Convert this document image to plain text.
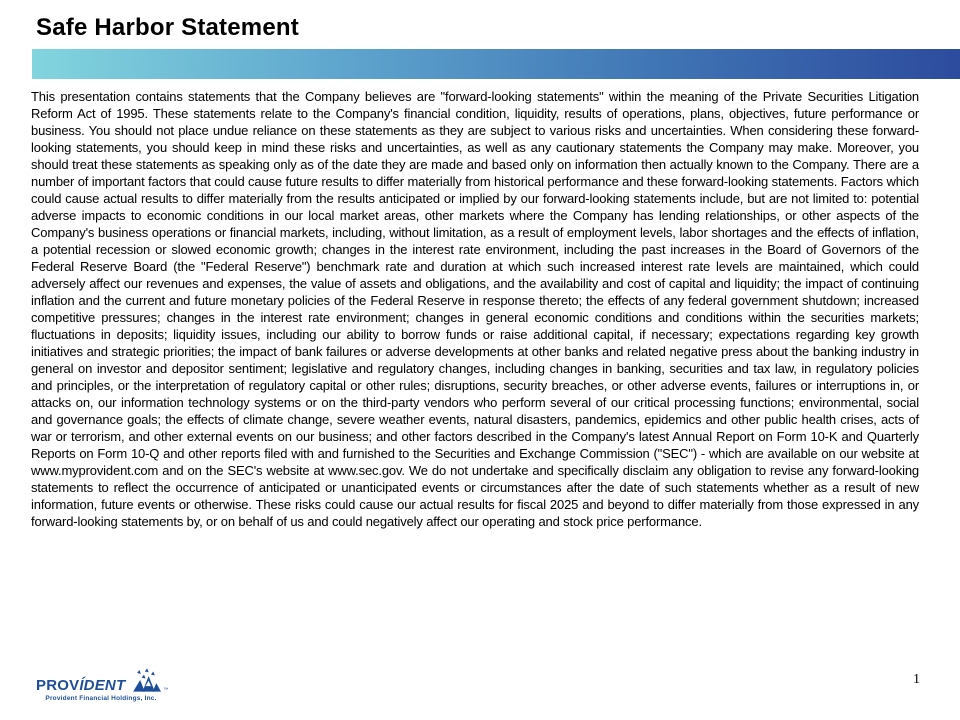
Safe Harbor Statement

This presentation contains statements that the Company believes are "forward-looking statements" within the meaning of the Private Securities Litigation Reform Act of 1995. These statements relate to the Company's financial condition, liquidity, results of operations, plans, objectives, future performance or business. You should not place undue reliance on these statements as they are subject to various risks and uncertainties. When considering these forward-looking statements, you should keep in mind these risks and uncertainties, as well as any cautionary statements the Company may make. Moreover, you should treat these statements as speaking only as of the date they are made and based only on information then actually known to the Company. There are a number of important factors that could cause future results to differ materially from historical performance and these forward-looking statements. Factors which could cause actual results to differ materially from the results anticipated or implied by our forward-looking statements include, but are not limited to: potential adverse impacts to economic conditions in our local market areas, other markets where the Company has lending relationships, or other aspects of the Company's business operations or financial markets, including, without limitation, as a result of employment levels, labor shortages and the effects of inflation, a potential recession or slowed economic growth; changes in the interest rate environment, including the past increases in the Board of Governors of the Federal Reserve Board (the "Federal Reserve") benchmark rate and duration at which such increased interest rate levels are maintained, which could adversely affect our revenues and expenses, the value of assets and obligations, and the availability and cost of capital and liquidity; the impact of continuing inflation and the current and future monetary policies of the Federal Reserve in response thereto; the effects of any federal government shutdown; increased competitive pressures; changes in the interest rate environment; changes in general economic conditions and conditions within the securities markets; fluctuations in deposits; liquidity issues, including our ability to borrow funds or raise additional capital, if necessary; expectations regarding key growth initiatives and strategic priorities; the impact of bank failures or adverse developments at other banks and related negative press about the banking industry in general on investor and depositor sentiment; legislative and regulatory changes, including changes in banking, securities and tax law, in regulatory policies and principles, or the interpretation of regulatory capital or other rules; disruptions, security breaches, or other adverse events, failures or interruptions in, or attacks on, our information technology systems or on the third-party vendors who perform several of our critical processing functions; environmental, social and governance goals; the effects of climate change, severe weather events, natural disasters, pandemics, epidemics and other public health crises, acts of war or terrorism, and other external events on our business; and other factors described in the Company's latest Annual Report on Form 10-K and Quarterly Reports on Form 10-Q and other reports filed with and furnished to the Securities and Exchange Commission ("SEC") - which are available on our website at www.myprovident.com and on the SEC's website at www.sec.gov. We do not undertake and specifically disclaim any obligation to revise any forward-looking statements to reflect the occurrence of anticipated or unanticipated events or circumstances after the date of such statements whether as a result of new information, future events or otherwise. These risks could cause our actual results for fiscal 2025 and beyond to differ materially from those expressed in any forward-looking statements by, or on behalf of us and could negatively affect our operating and stock price performance.

PROVÍDENT	™
Provident Financial Holdings, Inc.
1
